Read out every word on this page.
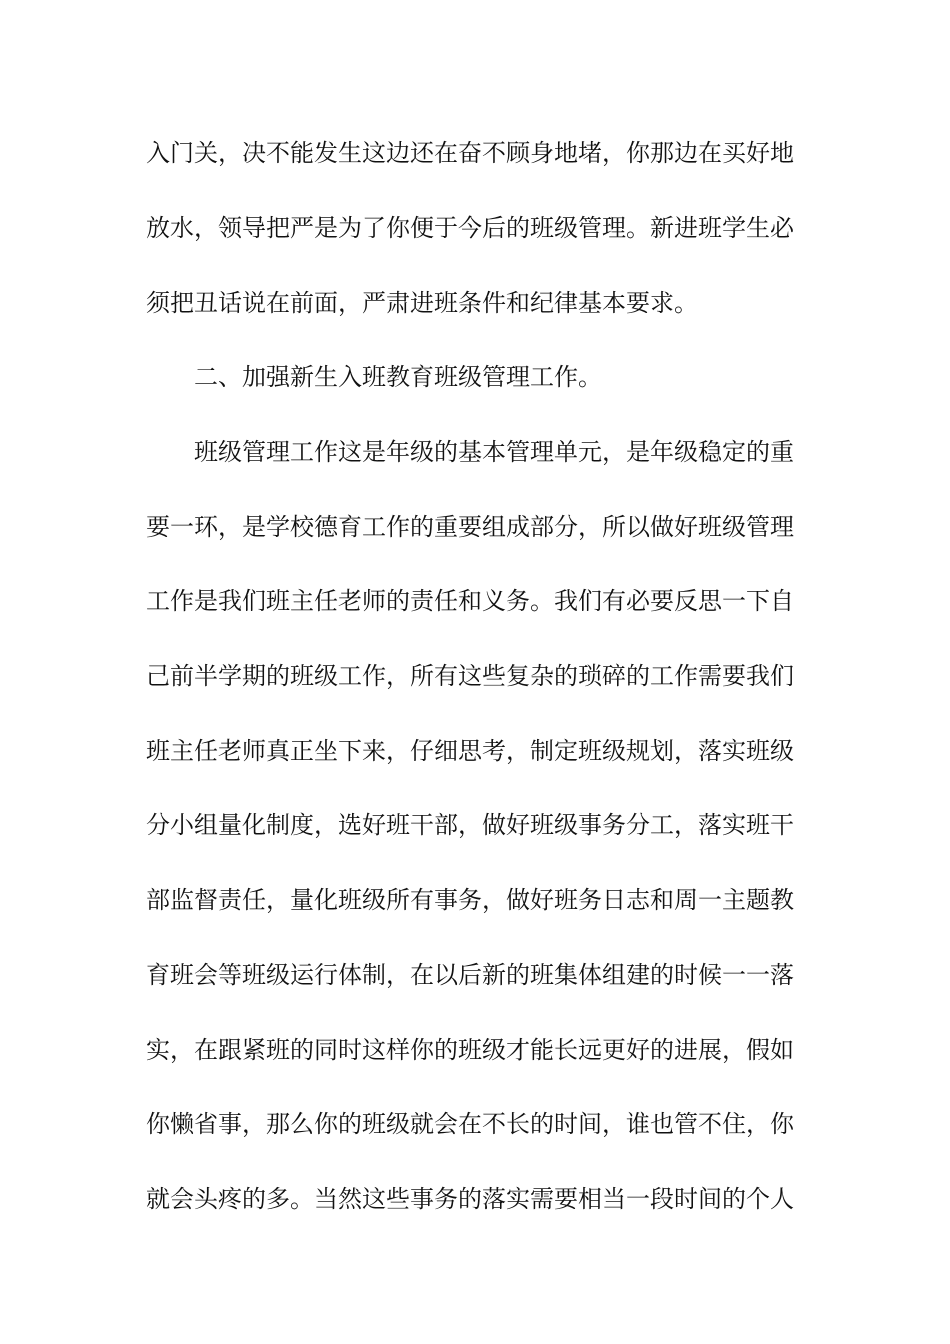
入门关，决不能发生这边还在奋不顾身地堵，你那边在买好地
放水，领导把严是为了你便于今后的班级管理。新进班学生必
须把丑话说在前面，严肃进班条件和纪律基本要求。
二、加强新生入班教育班级管理工作。
班级管理工作这是年级的基本管理单元，是年级稳定的重
要一环，是学校德育工作的重要组成部分，所以做好班级管理
工作是我们班主任老师的责任和义务。我们有必要反思一下自
己前半学期的班级工作，所有这些复杂的琐碎的工作需要我们
班主任老师真正坐下来，仔细思考，制定班级规划，落实班级
分小组量化制度，选好班干部，做好班级事务分工，落实班干
部监督责任，量化班级所有事务，做好班务日志和周一主题教
育班会等班级运行体制，在以后新的班集体组建的时候一一落
实，在跟紧班的同时这样你的班级才能长远更好的进展，假如
你懒省事，那么你的班级就会在不长的时间，谁也管不住，你
就会头疼的多。当然这些事务的落实需要相当一段时间的个人
